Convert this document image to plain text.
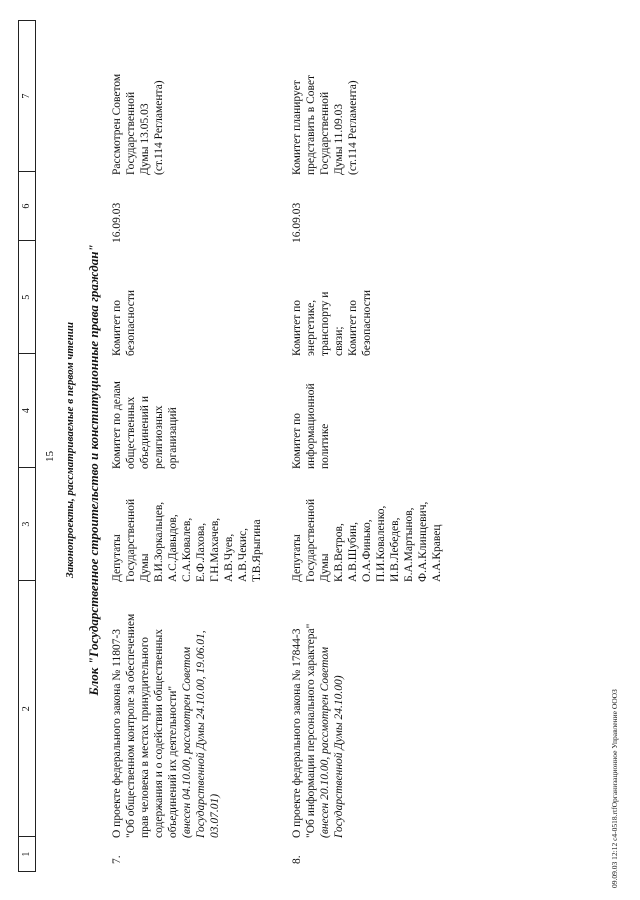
1
2
3
4
5
6
7
15 Законопроекты, рассматриваемые в первом чтении Блок "Государственное строительство и конституционные права граждан"
7.
О проекте федерального закона № 11807-3 "Об общественном контроле за обеспечением прав человека в местах принудительного содержания и о содействии общественных объединений их деятельности" (внесен 04.10.00, рассмотрен Советом Государственной Думы 24.10.00, 19.06.01, 03.07.01)
Депутаты Государственной Думы В.И.Зоркальцев, А.С.Давыдов, С.А.Ковалев, Е.Ф.Лахова, Г.Н.Махачев, А.В.Чуев, А.В.Чекис, Т.В.Ярыгина
Комитет по делам общественных объединений и религиозных организаций
Комитет по безопасности
16.09.03
Рассмотрен Советом Государственной Думы 13.05.03 (ст.114 Регламента)
8.
О проекте федерального закона № 17844-3 "Об информации персонального характера" (внесен 20.10.00, рассмотрен Советом Государственной Думы 24.10.00)
Депутаты Государственной Думы К.В.Ветров, А.В.Шубин, О.А.Финько, П.И.Коваленко, И.В.Лебедев, Б.А.Мартынов, Ф.А.Клинцевич, А.А.Кравец
Комитет по информационной политике
Комитет по энергетике, транспорту и связи; Комитет по безопасности
16.09.03
Комитет планирует представить в Совет Государственной Думы 11.09.03 (ст.114 Регламента)
09.09.03 12:12 c4-0518.rtfОрганизационное Управление ОООЗ
